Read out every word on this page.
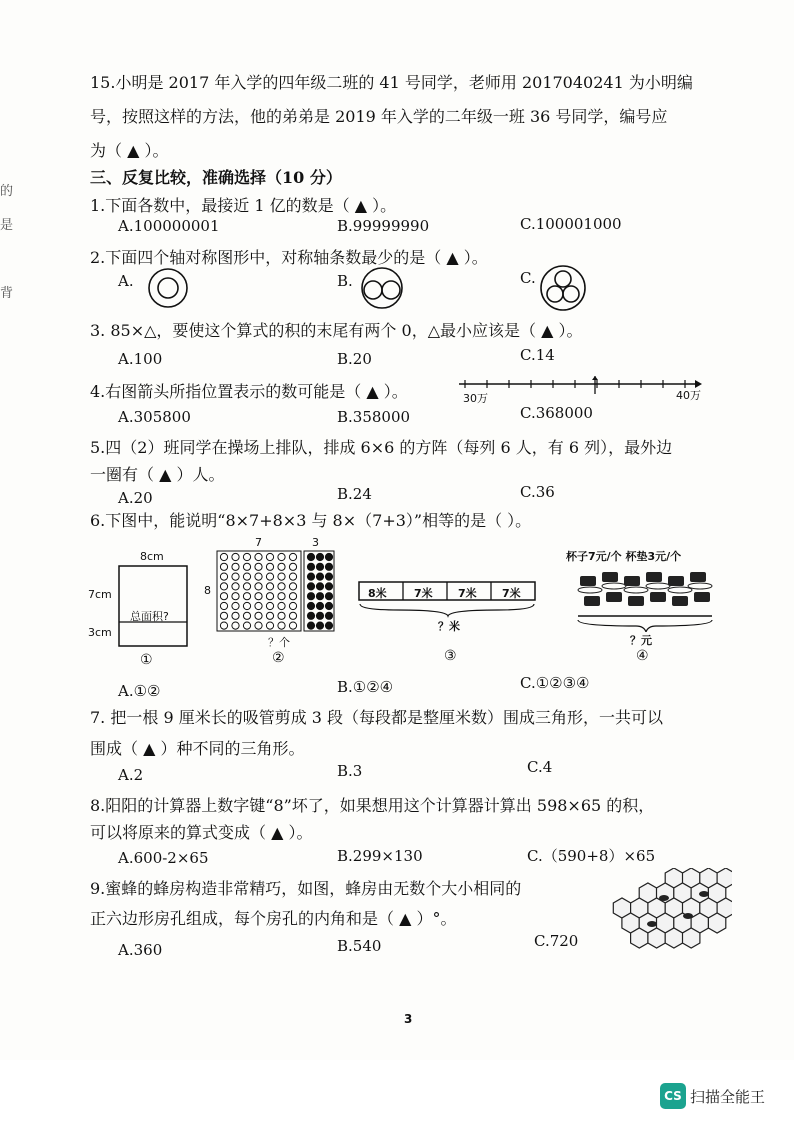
的
是
背
15.小明是 2017 年入学的四年级二班的 41 号同学，老师用 2017040241 为小明编
号，按照这样的方法，他的弟弟是 2019 年入学的二年级一班 36 号同学，编号应
为（ ▲ ）。
三、反复比较，准确选择（10 分）
1.下面各数中，最接近 1 亿的数是（ ▲ ）。
A.100000001	B.99999990	C.100001000
2.下面四个轴对称图形中，对称轴条数最少的是（ ▲ ）。
A.	B.	C.
3. 85×△，要使这个算式的积的末尾有两个 0，△最小应该是（ ▲ ）。
A.100	B.20	C.14
4.右图箭头所指位置表示的数可能是（ ▲ ）。	30万	40万
A.305800	B.358000	C.368000
5.四（2）班同学在操场上排队，排成 6×6 的方阵（每列 6 人，有 6 列），最外边
一圈有（ ▲ ）人。
A.20	B.24	C.36
6.下图中，能说明“8×7+8×3 与 8×（7+3）”相等的是（ ）。
8cm
7cm
3cm
总面积?
①
7	3
8
？个
②
8米 7米 7米 7米
？米
③
杯子7元/个 杯垫3元/个
？元
④
A.①②	B.①②④	C.①②③④
7. 把一根 9 厘米长的吸管剪成 3 段（每段都是整厘米数）围成三角形，一共可以
围成（ ▲ ）种不同的三角形。
A.2	B.3	C.4
8.阳阳的计算器上数字键“8”坏了，如果想用这个计算器计算出 598×65 的积，
可以将原来的算式变成（ ▲ ）。
A.600-2×65	B.299×130	C.（590+8）×65
9.蜜蜂的蜂房构造非常精巧，如图，蜂房由无数个大小相同的
正六边形房孔组成，每个房孔的内角和是（ ▲ ）°。
A.360	B.540	C.720
3
CS 扫描全能王
